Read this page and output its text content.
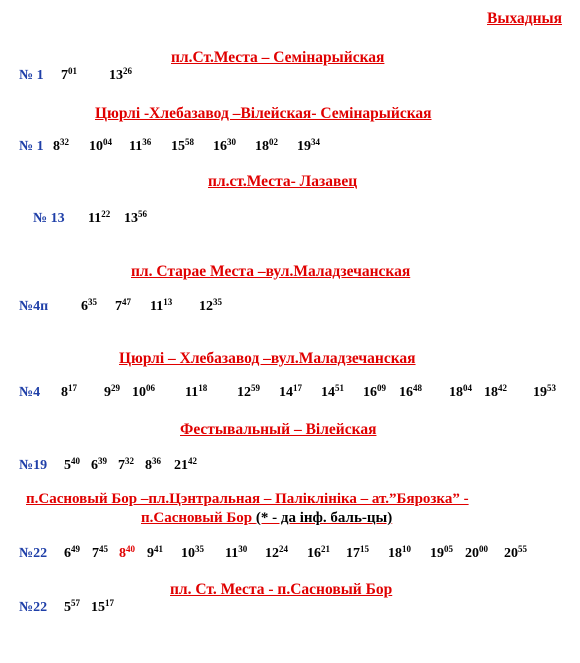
Выхадныя
пл.Ст.Места – Семінарыйская
№ 1 $7^{01}$ $13^{26}$
Цюрлі -Хлебазавод –Вілейская- Семінарыйская
№ 1 $8^{32}$ $10^{04}$ $11^{36}$ $15^{58}$ $16^{30}$ $18^{02}$ $19^{34}$
пл.ст.Места- Лазавец
№ 13 $11^{22}$ $13^{56}$
пл. Старае Места –вул.Маладзечанская
№4п $6^{35}$ $7^{47}$ $11^{13}$ $12^{35}$
Цюрлі – Хлебазавод –вул.Маладзечанская
№4 $8^{17}$ $9^{29}$ $10^{06}$ $11^{18}$ $12^{59}$ $14^{17}$ $14^{51}$ $16^{09}$ $16^{48}$ $18^{04}$ $18^{42}$ $19^{53}$
Фестывальный – Вілейская
№19 $5^{40}$ $6^{39}$ $7^{32}$ $8^{36}$ $21^{42}$
п.Сасновый Бор –пл.Цэнтральная – Паліклініка – ат.”Бярозка” -
п.Сасновый Бор (* - да інф. баль-цы)
№22 $6^{49}$ $7^{45}$ $8^{40}$ $9^{41}$ $10^{35}$ $11^{30}$ $12^{24}$ $16^{21}$ $17^{15}$ $18^{10}$ $19^{05}$ $20^{00}$ $20^{55}$
пл. Ст. Места - п.Сасновый Бор
№22 $5^{57}$ $15^{17}$
